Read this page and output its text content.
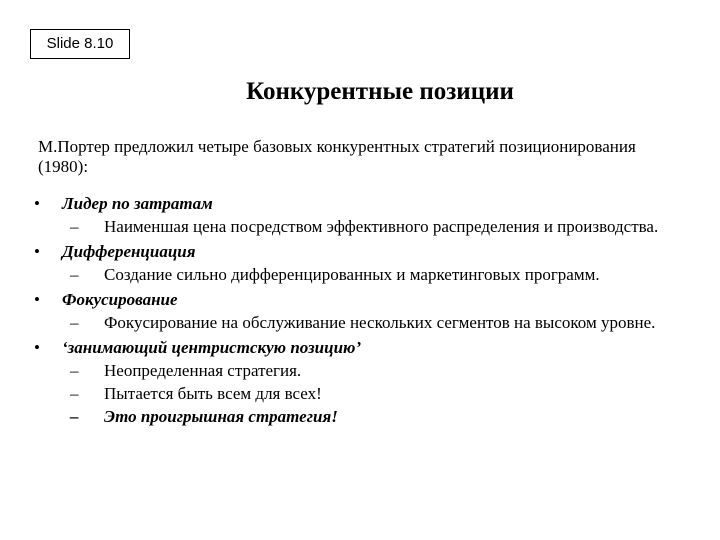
Slide 8.10
Конкурентные позиции
М.Портер предложил четыре базовых конкурентных стратегий позиционирования (1980):
• Лидер по затратам
– Наименшая цена посредством эффективного распределения и производства.
• Дифференциация
– Создание сильно дифференцированных и маркетинговых программ.
• Фокусирование
– Фокусирование на обслуживание нескольких сегментов на высоком уровне.
• ‘занимающий центристскую позицию’
– Неопределенная стратегия.
– Пытается быть всем для всех!
– Это проигрышная стратегия!
